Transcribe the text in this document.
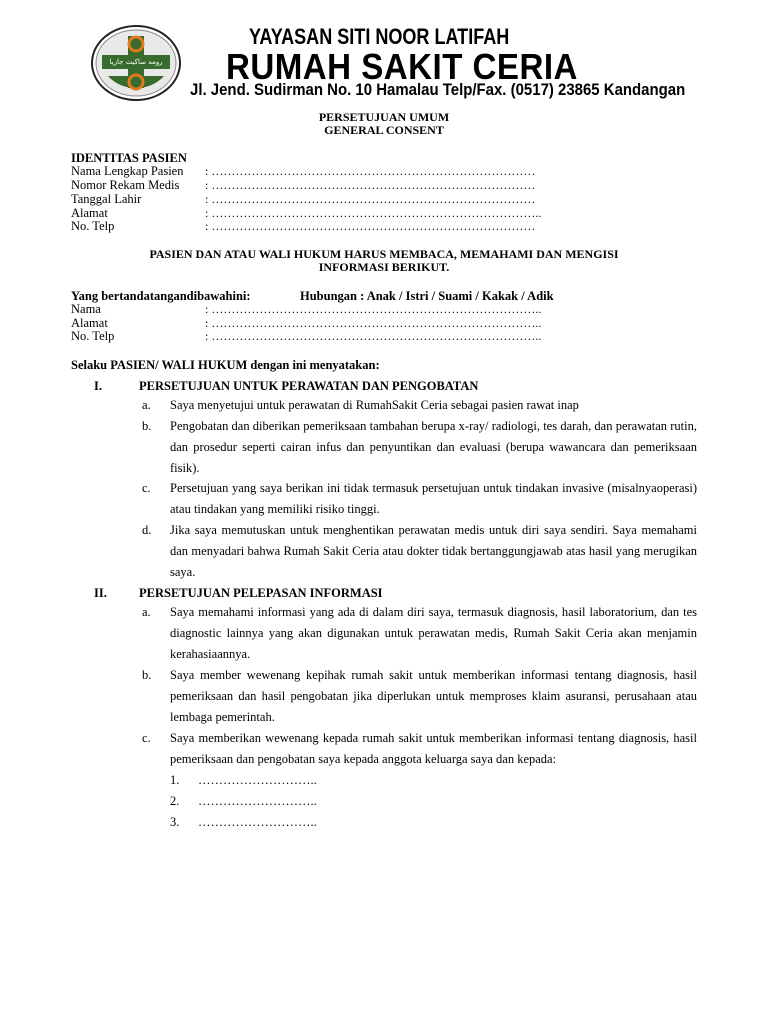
رومه ساكيت جاريا
YAYASAN SITI NOOR LATIFAH
RUMAH SAKIT CERIA
Jl. Jend. Sudirman No. 10 Hamalau Telp/Fax. (0517) 23865 Kandangan
PERSETUJUAN UMUM
GENERAL CONSENT
IDENTITAS PASIEN
Nama Lengkap Pasien : ………………………………………………………………………
Nomor Rekam Medis : ………………………………………………………………………
Tanggal Lahir	: ………………………………………………………………………
Alamat	: ………………………………………………………………………..
No. Telp	: ………………………………………………………………………
PASIEN DAN ATAU WALI HUKUM HARUS MEMBACA, MEMAHAMI DAN MENGISI
INFORMASI BERIKUT.
Yang bertandatangandibawahini:	Hubungan : Anak / Istri / Suami / Kakak / Adik
Nama	: ………………………………………………………………………..
Alamat	: ………………………………………………………………………..
No. Telp	: ………………………………………………………………………..
Selaku PASIEN/ WALI HUKUM dengan ini menyatakan:
I.	PERSETUJUAN UNTUK PERAWATAN DAN PENGOBATAN
a. Saya menyetujui untuk perawatan di RumahSakit Ceria sebagai pasien rawat inap
b. Pengobatan dan diberikan pemeriksaan tambahan berupa x-ray/ radiologi, tes darah, dan perawatan rutin, dan prosedur seperti cairan infus dan penyuntikan dan evaluasi (berupa wawancara dan pemeriksaan fisik).
c. Persetujuan yang saya berikan ini tidak termasuk persetujuan untuk tindakan invasive (misalnyaoperasi) atau tindakan yang memiliki risiko tinggi.
d. Jika saya memutuskan untuk menghentikan perawatan medis untuk diri saya sendiri. Saya memahami dan menyadari bahwa Rumah Sakit Ceria atau dokter tidak bertanggungjawab atas hasil yang merugikan saya.
II.	PERSETUJUAN PELEPASAN INFORMASI
a. Saya memahami informasi yang ada di dalam diri saya, termasuk diagnosis, hasil laboratorium, dan tes diagnostic lainnya yang akan digunakan untuk perawatan medis, Rumah Sakit Ceria akan menjamin kerahasiaannya.
b. Saya member wewenang kepihak rumah sakit untuk memberikan informasi tentang diagnosis, hasil pemeriksaan dan hasil pengobatan jika diperlukan untuk memproses klaim asuransi, perusahaan atau lembaga pemerintah.
c. Saya memberikan wewenang kepada rumah sakit untuk memberikan informasi tentang diagnosis, hasil pemeriksaan dan pengobatan saya kepada anggota keluarga saya dan kepada:
1. ………………………..
2. ………………………..
3. ………………………..
